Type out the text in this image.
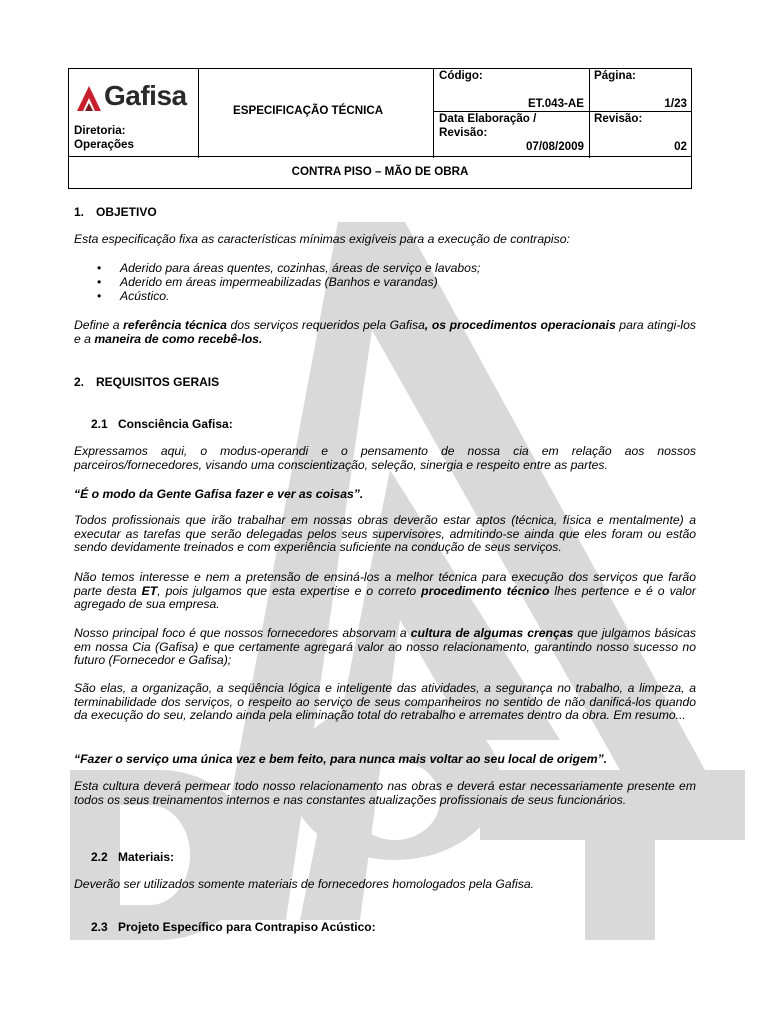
Gafisa
Diretoria:
Operações
ESPECIFICAÇÃO TÉCNICA
Código:
ET.043-AE
Página:
1/23
Data Elaboração /
Revisão:
07/08/2009
Revisão:
02
CONTRA PISO – MÃO DE OBRA
1. OBJETIVO
Esta especificação fixa as características mínimas exigíveis para a execução de contrapiso:
• Aderido para áreas quentes, cozinhas, áreas de serviço e lavabos;
• Aderido em áreas impermeabilizadas (Banhos e varandas)
• Acústico.
Define a referência técnica dos serviços requeridos pela Gafisa, os procedimentos operacionais para atingi-los e a maneira de como recebê-los.
2. REQUISITOS GERAIS
2.1 Consciência Gafisa:
Expressamos aqui, o modus-operandi e o pensamento de nossa cia em relação aos nossos parceiros/fornecedores, visando uma conscientização, seleção, sinergia e respeito entre as partes.
“É o modo da Gente Gafisa fazer e ver as coisas”.
Todos profissionais que irão trabalhar em nossas obras deverão estar aptos (técnica, física e mentalmente) a executar as tarefas que serão delegadas pelos seus supervisores, admitindo-se ainda que eles foram ou estão sendo devidamente treinados e com experiência suficiente na condução de seus serviços.
Não temos interesse e nem a pretensão de ensiná-los a melhor técnica para execução dos serviços que farão parte desta ET, pois julgamos que esta expertise e o correto procedimento técnico lhes pertence e é o valor agregado de sua empresa.
Nosso principal foco é que nossos fornecedores absorvam a cultura de algumas crenças que julgamos básicas em nossa Cia (Gafisa) e que certamente agregará valor ao nosso relacionamento, garantindo nosso sucesso no futuro (Fornecedor e Gafisa);
São elas, a organização, a seqüência lógica e inteligente das atividades, a segurança no trabalho, a limpeza, a terminabilidade dos serviços, o respeito ao serviço de seus companheiros no sentido de não danificá-los quando da execução do seu, zelando ainda pela eliminação total do retrabalho e arremates dentro da obra. Em resumo...
“Fazer o serviço uma única vez e bem feito, para nunca mais voltar ao seu local de origem”.
Esta cultura deverá permear todo nosso relacionamento nas obras e deverá estar necessariamente presente em todos os seus treinamentos internos e nas constantes atualizações profissionais de seus funcionários.
2.2 Materiais:
Deverão ser utilizados somente materiais de fornecedores homologados pela Gafisa.
2.3 Projeto Específico para Contrapiso Acústico:
